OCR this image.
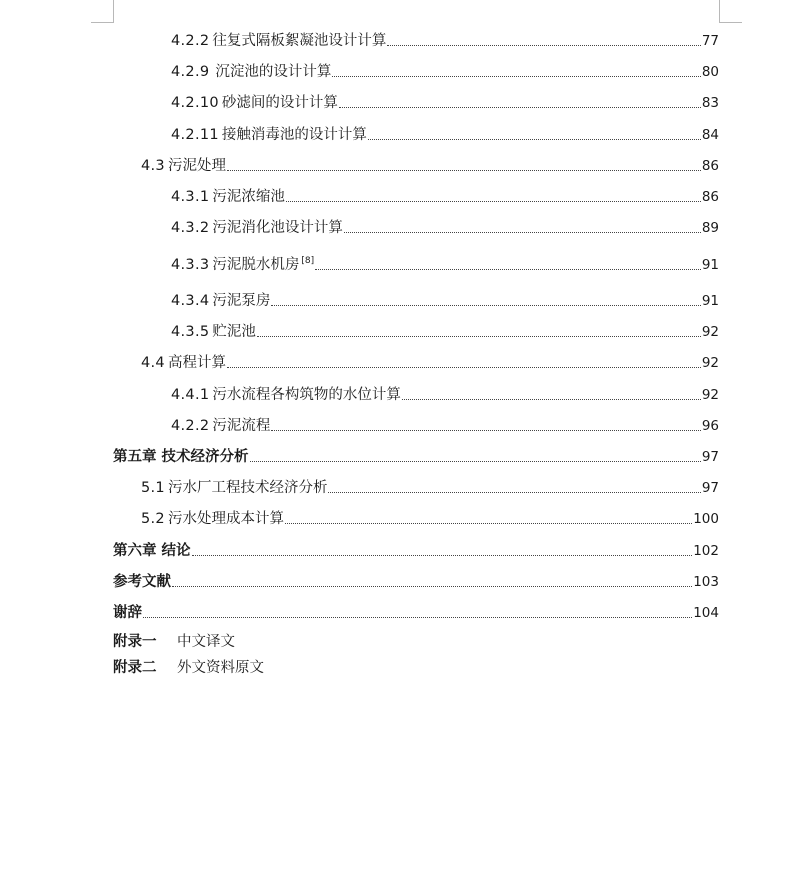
4.2.2 往复式隔板絮凝池设计计算	77
4.2.9 沉淀池的设计计算	80
4.2.10 砂滤间的设计计算	83
4.2.11 接触消毒池的设计计算	84
4.3 污泥处理	86
4.3.1 污泥浓缩池	86
4.3.2 污泥消化池设计计算	89
4.3.3 污泥脱水机房 [8]	91
4.3.4 污泥泵房	91
4.3.5 贮泥池	92
4.4 高程计算	92
4.4.1 污水流程各构筑物的水位计算	92
4.2.2 污泥流程	96
第五章 技术经济分析	97
5.1 污水厂工程技术经济分析	97
5.2 污水处理成本计算	100
第六章 结论	102
参考文献	103
谢辞	104
附录一 中文译文
附录二 外文资料原文
